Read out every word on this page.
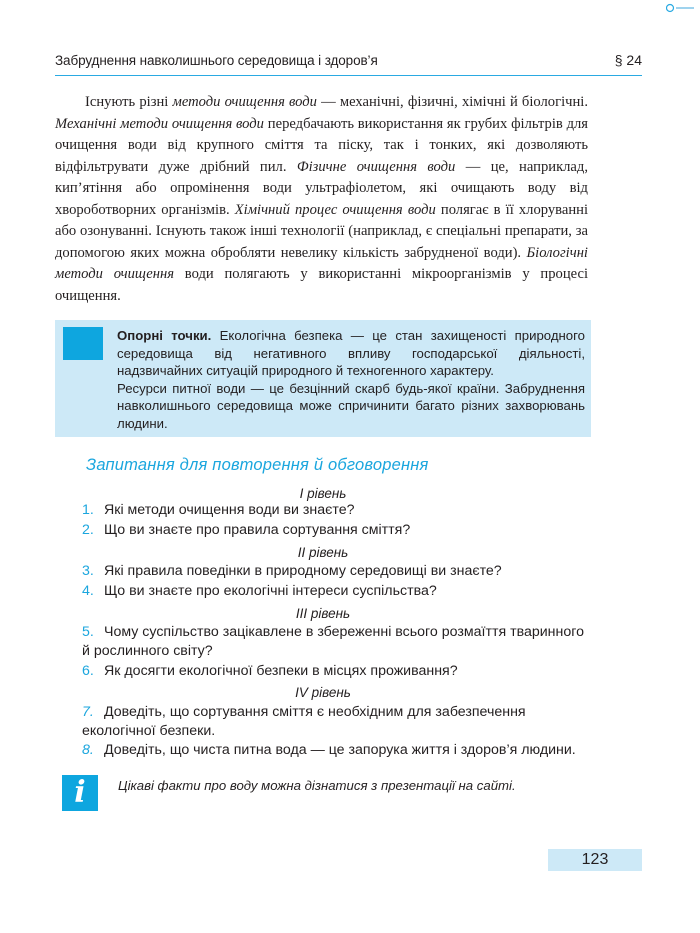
Забруднення навколишнього середовища і здоров’я	§ 24

Існують різні методи очищення води — механічні, фізичні, хімічні й біологічні. Механічні методи очищення води передбачають використання як грубих фільтрів для очищення води від крупного сміття та піску, так і тонких, які дозволяють відфільтрувати дуже дрібний пил. Фізичне очищення води — це, наприклад, кип’ятіння або опромінення води ультрафіолетом, які очищають воду від хвороботворних організмів. Хімічний процес очищення води полягає в її хлоруванні або озонуванні. Існують також інші технології (наприклад, є спеціальні препарати, за допомогою яких можна обробляти невелику кількість забрудненої води). Біологічні методи очищення води полягають у використанні мікроорганізмів у процесі очищення.

Опорні точки. Екологічна безпека — це стан захищеності природного середовища від негативного впливу господарської діяльності, надзвичайних ситуацій природного й техногенного характеру.

Ресурси питної води — це безцінний скарб будь-якої країни. Забруднення навколишнього середовища може спричинити багато різних захворювань людини.

Запитання для повторення й обговорення
I рівень
1. Які методи очищення води ви знаєте?
2. Що ви знаєте про правила сортування сміття?
II рівень
3. Які правила поведінки в природному середовищі ви знаєте?
4. Що ви знаєте про екологічні інтереси суспільства?
III рівень
5. Чому суспільство зацікавлене в збереженні всього розмаїття тваринного й рослинного світу?
6. Як досягти екологічної безпеки в місцях проживання?
IV рівень
7. Доведіть, що сортування сміття є необхідним для забезпечення екологічної безпеки.
8. Доведіть, що чиста питна вода — це запорука життя і здоров’я людини.
i	Цікаві факти про воду можна дізнатися з презентації на сайті.
123
